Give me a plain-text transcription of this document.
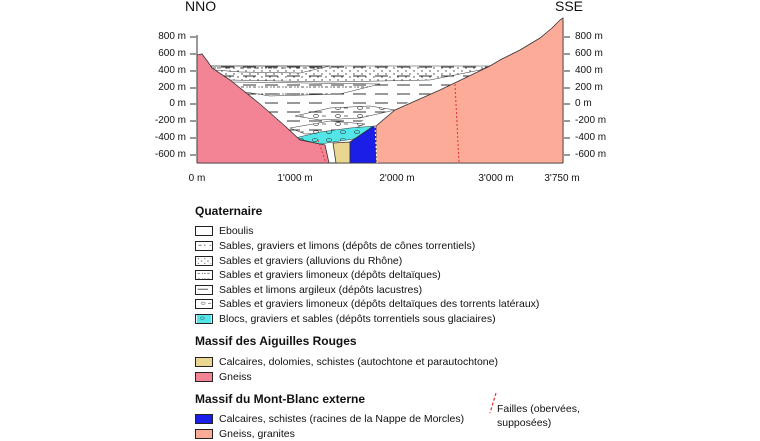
NNO	SSE
800 m
600 m
400 m
200 m
0 m
-200 m
-400 m
-600 m
800 m
600 m
400 m
200 m
0 m
-200 m
-400 m
-600 m
0 m	1'000 m	2'000 m	3'000 m	3'750 m
Quaternaire
Eboulis
Sables, graviers et limons (dépôts de cônes torrentiels)
Sables et graviers (alluvions du Rhône)
Sables et graviers limoneux (dépôts deltaïques)
Sables et limons argileux (dépôts lacustres)
Sables et graviers limoneux (dépôts deltaïques des torrents latéraux)
Blocs, graviers et sables (dépôts torrentiels sous glaciaires)
Massif des Aiguilles Rouges
Calcaires, dolomies, schistes (autochtone et parautochtone)
Gneiss
Massif du Mont-Blanc externe
Calcaires, schistes (racines de la Nappe de Morcles)
Gneiss, granites
Failles (obervées, supposées)
